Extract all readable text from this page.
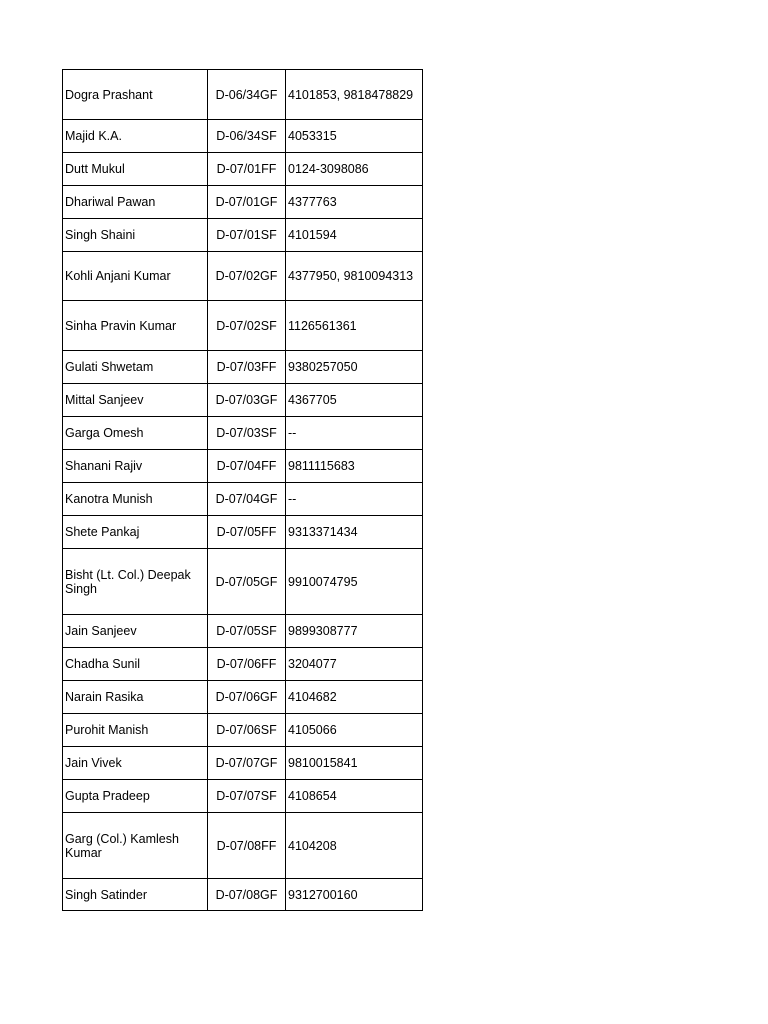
Dogra Prashant	D-06/34GF	4101853, 9818478829
Majid K.A.	D-06/34SF	4053315
Dutt Mukul	D-07/01FF	0124-3098086
Dhariwal Pawan	D-07/01GF	4377763
Singh Shaini	D-07/01SF	4101594
Kohli Anjani Kumar	D-07/02GF	4377950, 9810094313
Sinha Pravin Kumar	D-07/02SF	1126561361
Gulati Shwetam	D-07/03FF	9380257050
Mittal Sanjeev	D-07/03GF	4367705
Garga Omesh	D-07/03SF	--
Shanani Rajiv	D-07/04FF	9811115683
Kanotra Munish	D-07/04GF	--
Shete Pankaj	D-07/05FF	9313371434
Bisht (Lt. Col.) Deepak Singh	D-07/05GF	9910074795
Jain Sanjeev	D-07/05SF	9899308777
Chadha Sunil	D-07/06FF	3204077
Narain Rasika	D-07/06GF	4104682
Purohit Manish	D-07/06SF	4105066
Jain Vivek	D-07/07GF	9810015841
Gupta Pradeep	D-07/07SF	4108654
Garg (Col.) Kamlesh Kumar	D-07/08FF	4104208
Singh Satinder	D-07/08GF	9312700160
